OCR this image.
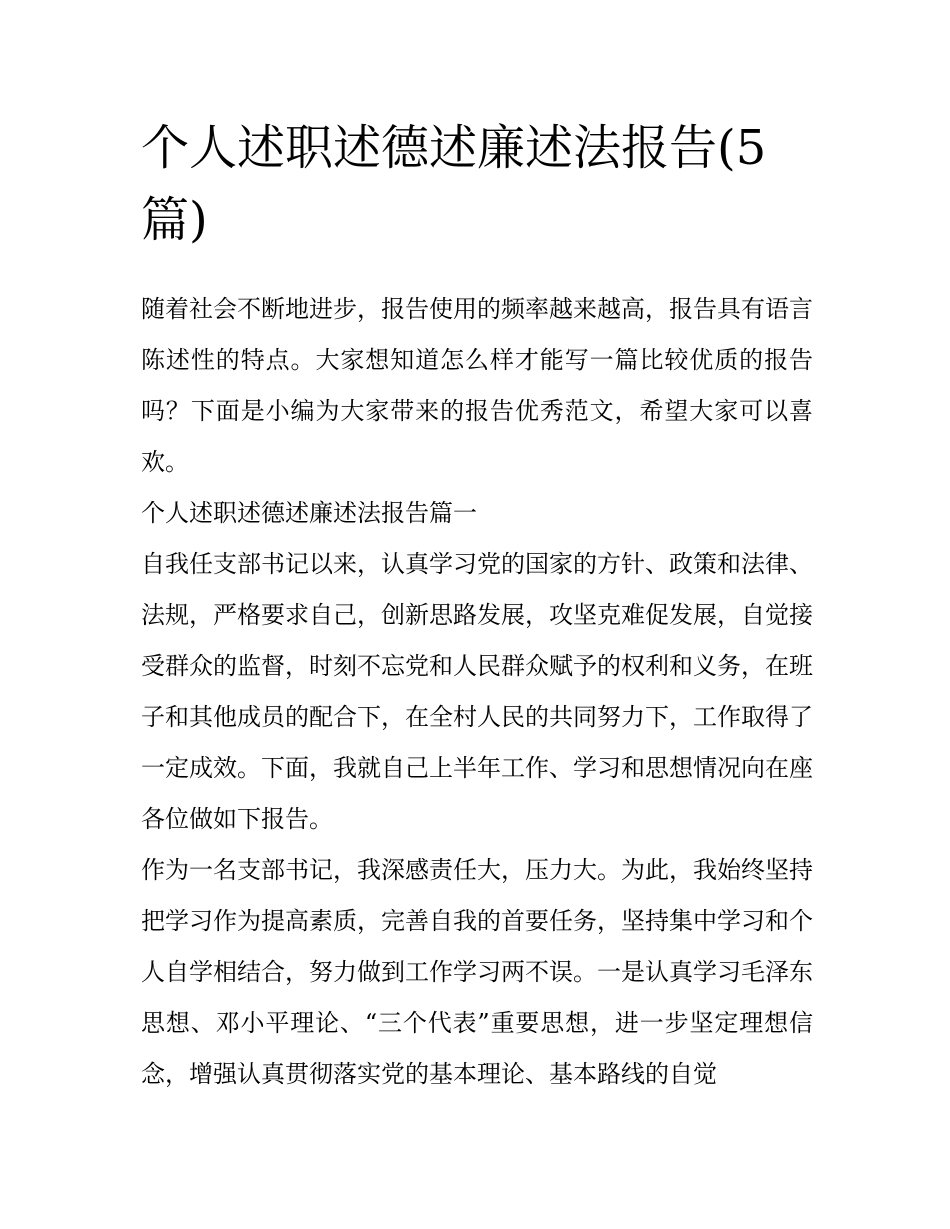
个人述职述德述廉述法报告(5篇)

随着社会不断地进步，报告使用的频率越来越高，报告具有语言陈述性的特点。大家想知道怎么样才能写一篇比较优质的报告吗？下面是小编为大家带来的报告优秀范文，希望大家可以喜欢。

个人述职述德述廉述法报告篇一

自我任支部书记以来，认真学习党的国家的方针、政策和法律、法规，严格要求自己，创新思路发展，攻坚克难促发展，自觉接受群众的监督，时刻不忘党和人民群众赋予的权利和义务，在班子和其他成员的配合下，在全村人民的共同努力下，工作取得了一定成效。下面，我就自己上半年工作、学习和思想情况向在座各位做如下报告。

作为一名支部书记，我深感责任大，压力大。为此，我始终坚持把学习作为提高素质，完善自我的首要任务，坚持集中学习和个人自学相结合，努力做到工作学习两不误。一是认真学习毛泽东思想、邓小平理论、“三个代表”重要思想，进一步坚定理想信念，增强认真贯彻落实党的基本理论、基本路线的自觉
